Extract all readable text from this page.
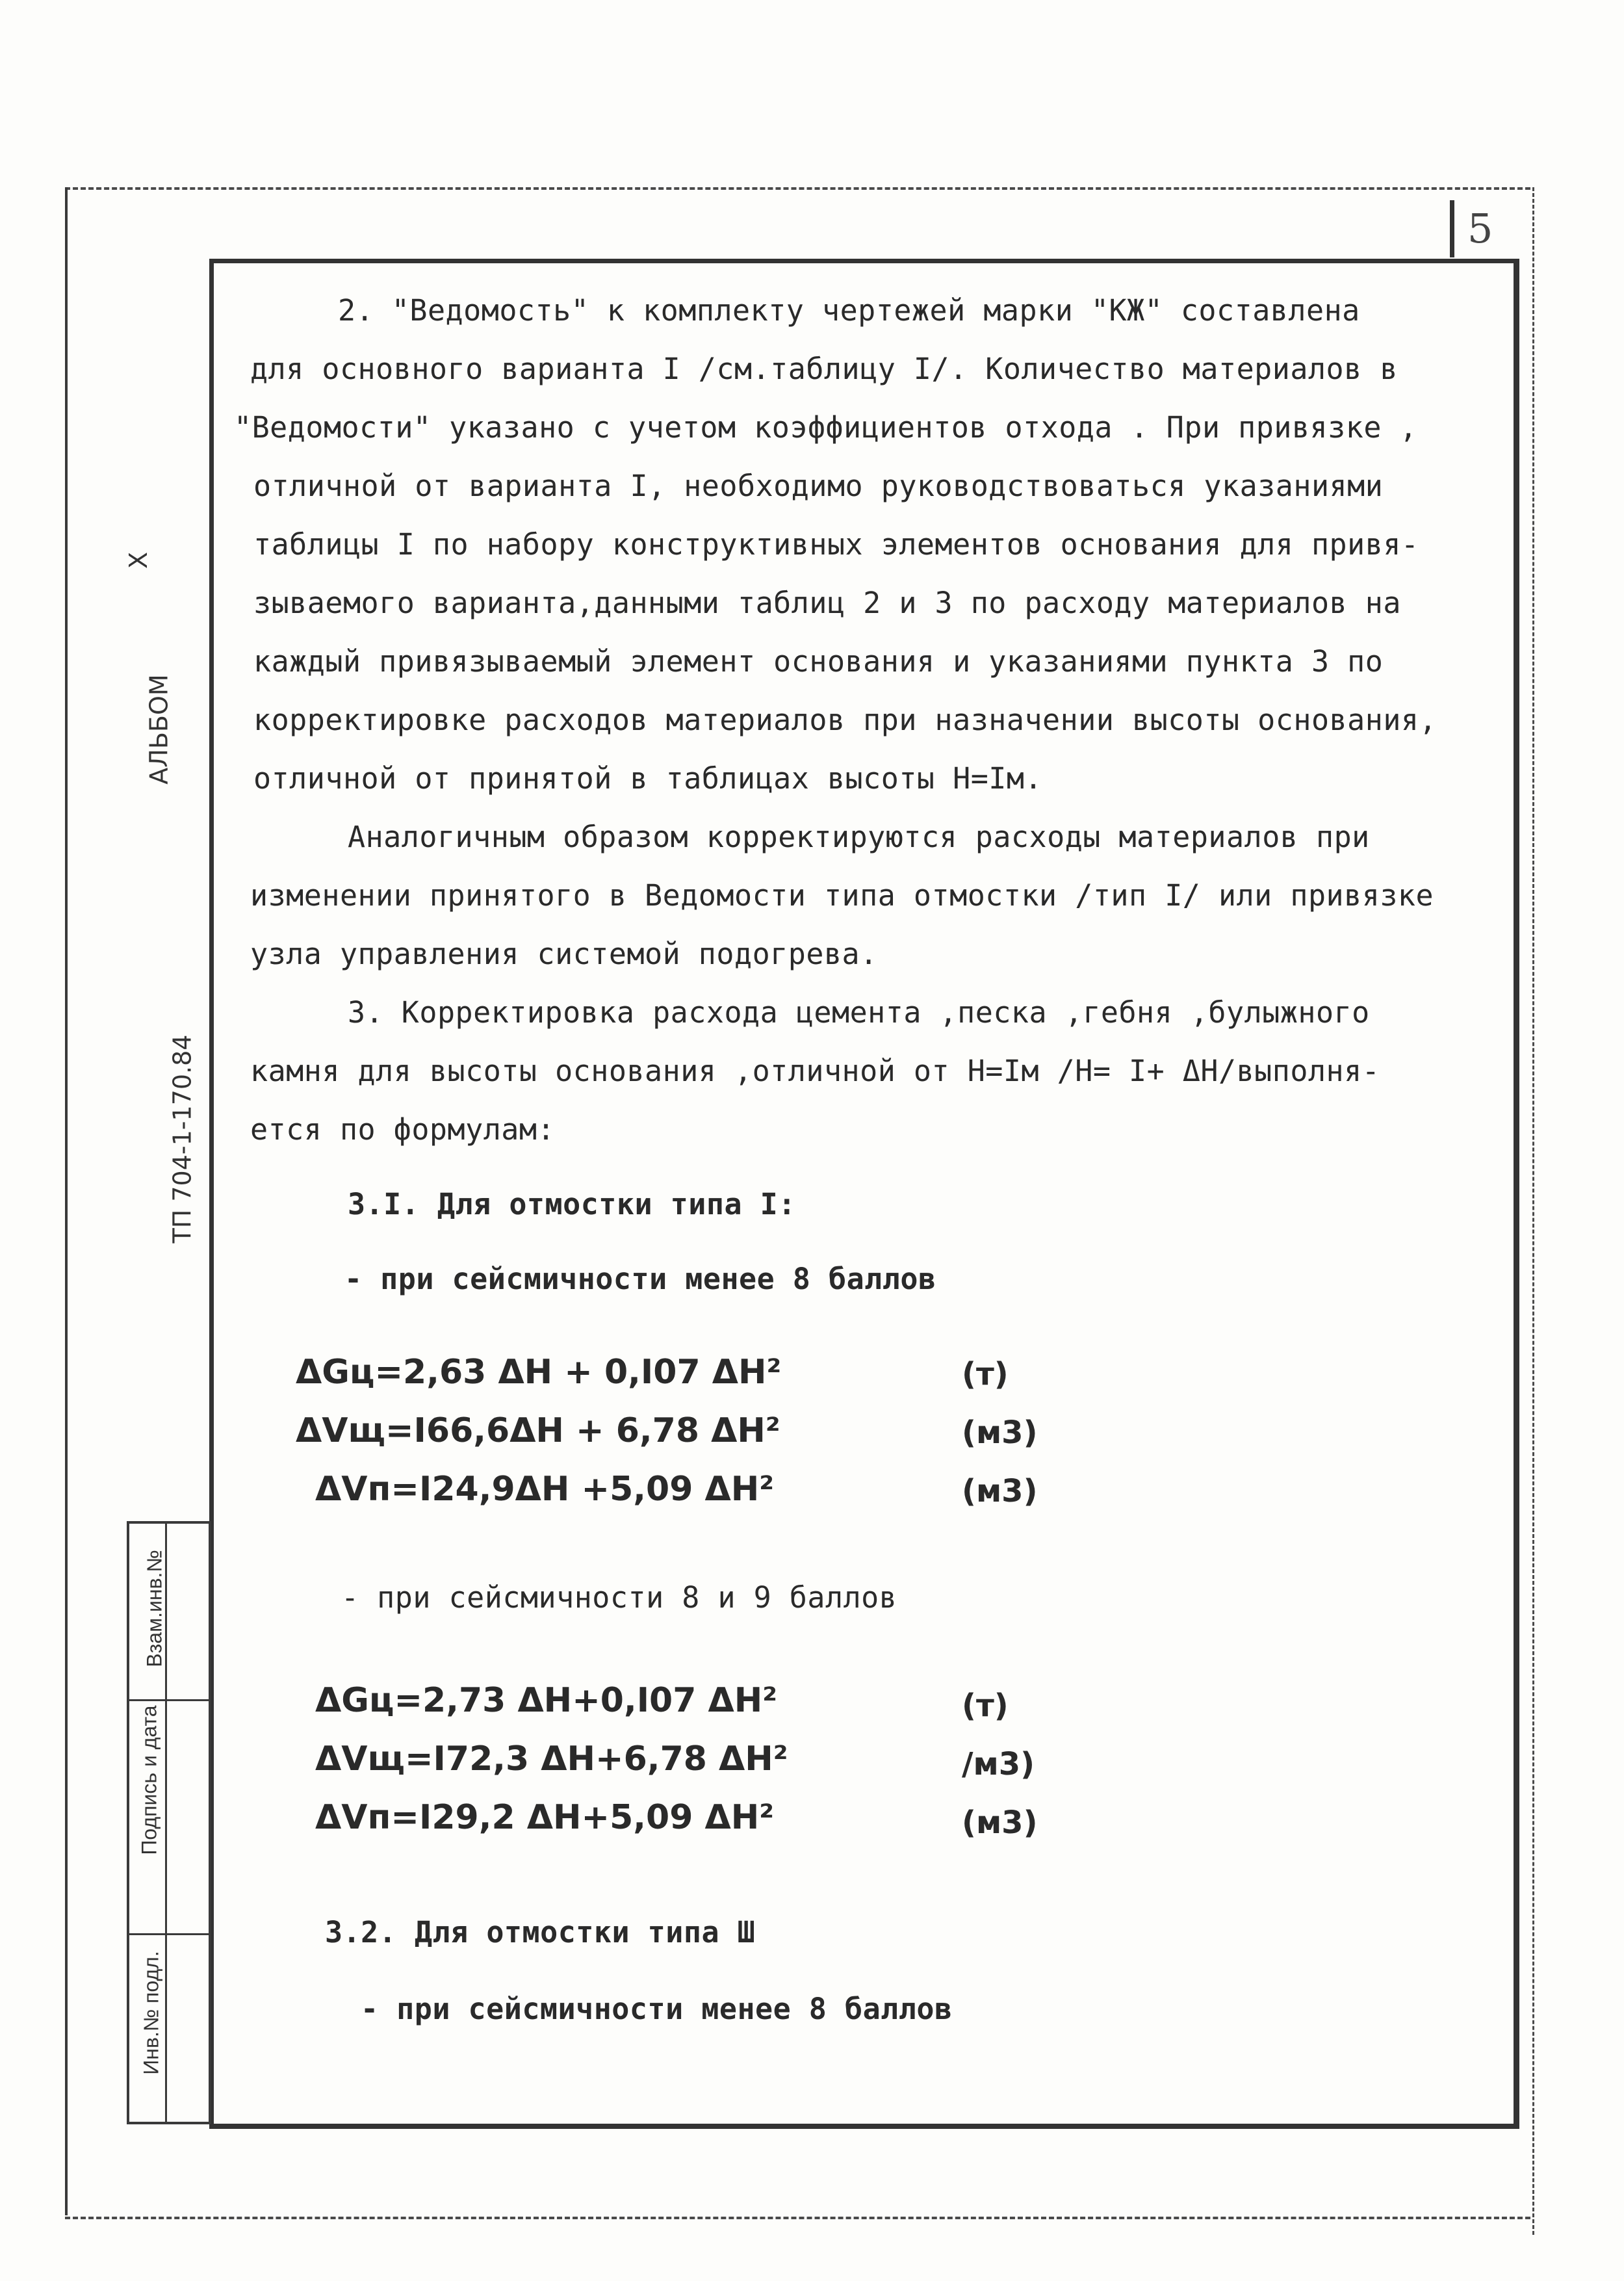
5
X
АЛЬБОМ
ТП 704-1-170.84
Взам.инв.№
Подпись и дата
Инв.№ подл.
2. "Ведомость" к комплекту чертежей марки "КЖ" составлена
для основного варианта I /см.таблицу I/. Количество материалов в
"Ведомости" указано с учетом коэффициентов отхода . При привязке ,
отличной от варианта I, необходимо руководствоваться указаниями
таблицы I по набору конструктивных элементов основания для привя-
зываемого варианта,данными таблиц 2 и 3 по расходу материалов на
каждый привязываемый элемент основания и указаниями пункта 3 по
корректировке расходов материалов при назначении высоты основания,
отличной от принятой в таблицах высоты Н=Iм.
Аналогичным образом корректируются расходы материалов при
изменении принятого в Ведомости типа отмостки /тип I/ или привязке
узла управления системой подогрева.
3. Корректировка расхода цемента ,песка ,гебня ,булыжного
камня для высоты основания ,отличной от Н=Iм /Н= I+ ΔH/выполня-
ется по формулам:
3.I. Для отмостки типа I:
- при сейсмичности менее 8 баллов
ΔGц=2,63 ΔH + 0,I07 ΔH²	(т)
ΔVщ=I66,6ΔH + 6,78 ΔH²	(м3)
ΔVп=I24,9ΔH +5,09 ΔH²	(м3)
- при сейсмичности 8 и 9 баллов
ΔGц=2,73 ΔH+0,I07 ΔH²	(т)
ΔVщ=I72,3 ΔH+6,78 ΔH²	/м3)
ΔVп=I29,2 ΔH+5,09 ΔH²	(м3)
3.2. Для отмостки типа Ш
- при сейсмичности менее 8 баллов
